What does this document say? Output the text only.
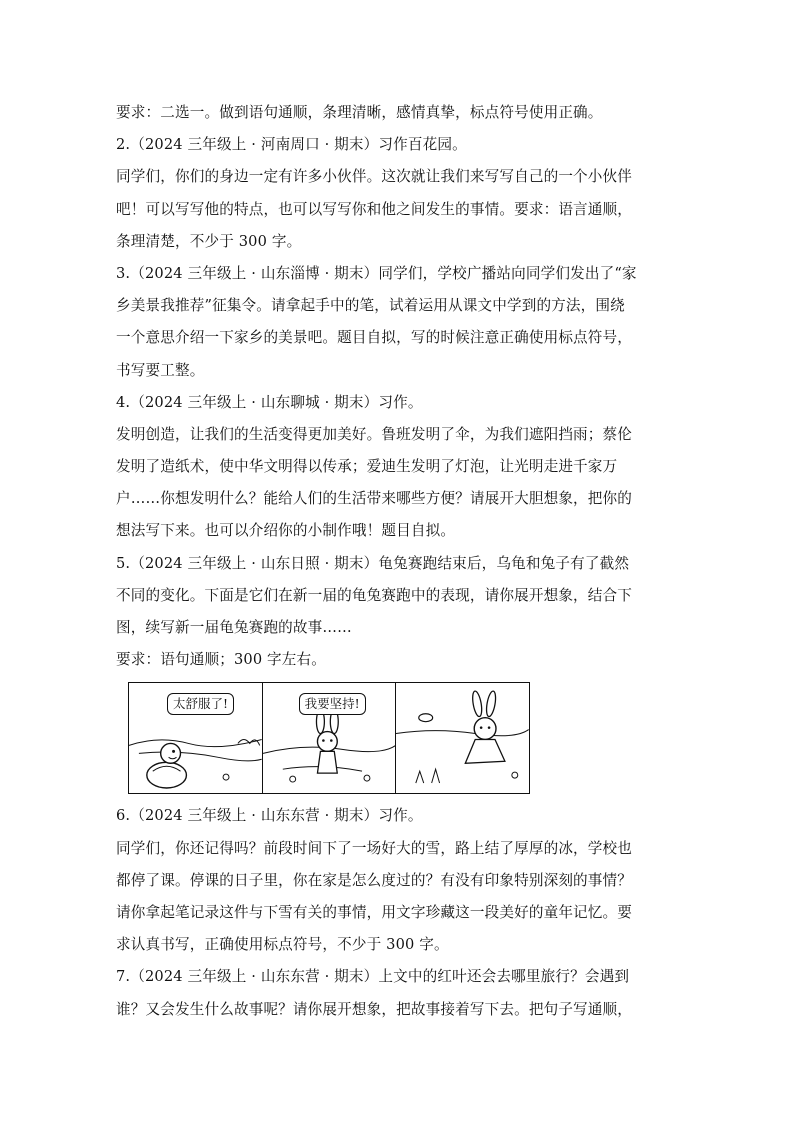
要求：二选一。做到语句通顺，条理清晰，感情真挚，标点符号使用正确。
2.（2024 三年级上 · 河南周口 · 期末）习作百花园。
同学们，你们的身边一定有许多小伙伴。这次就让我们来写写自己的一个小伙伴
吧！可以写写他的特点，也可以写写你和他之间发生的事情。要求：语言通顺，
条理清楚，不少于 300 字。
3.（2024 三年级上 · 山东淄博 · 期末）同学们，学校广播站向同学们发出了“家
乡美景我推荐”征集令。请拿起手中的笔，试着运用从课文中学到的方法，围绕
一个意思介绍一下家乡的美景吧。题目自拟，写的时候注意正确使用标点符号，
书写要工整。
4.（2024 三年级上 · 山东聊城 · 期末）习作。
发明创造，让我们的生活变得更加美好。鲁班发明了伞，为我们遮阳挡雨；蔡伦
发明了造纸术，使中华文明得以传承；爱迪生发明了灯泡，让光明走进千家万
户……你想发明什么？能给人们的生活带来哪些方便？请展开大胆想象，把你的
想法写下来。也可以介绍你的小制作哦！题目自拟。
5.（2024 三年级上 · 山东日照 · 期末）龟兔赛跑结束后，乌龟和兔子有了截然
不同的变化。下面是它们在新一届的龟兔赛跑中的表现，请你展开想象，结合下
图，续写新一届龟兔赛跑的故事……
要求：语句通顺；300 字左右。
太舒服了!	我要坚持!
6.（2024 三年级上 · 山东东营 · 期末）习作。
同学们，你还记得吗？前段时间下了一场好大的雪，路上结了厚厚的冰，学校也
都停了课。停课的日子里，你在家是怎么度过的？有没有印象特别深刻的事情？
请你拿起笔记录这件与下雪有关的事情，用文字珍藏这一段美好的童年记忆。要
求认真书写，正确使用标点符号，不少于 300 字。
7.（2024 三年级上 · 山东东营 · 期末）上文中的红叶还会去哪里旅行？会遇到
谁？又会发生什么故事呢？请你展开想象，把故事接着写下去。把句子写通顺，
